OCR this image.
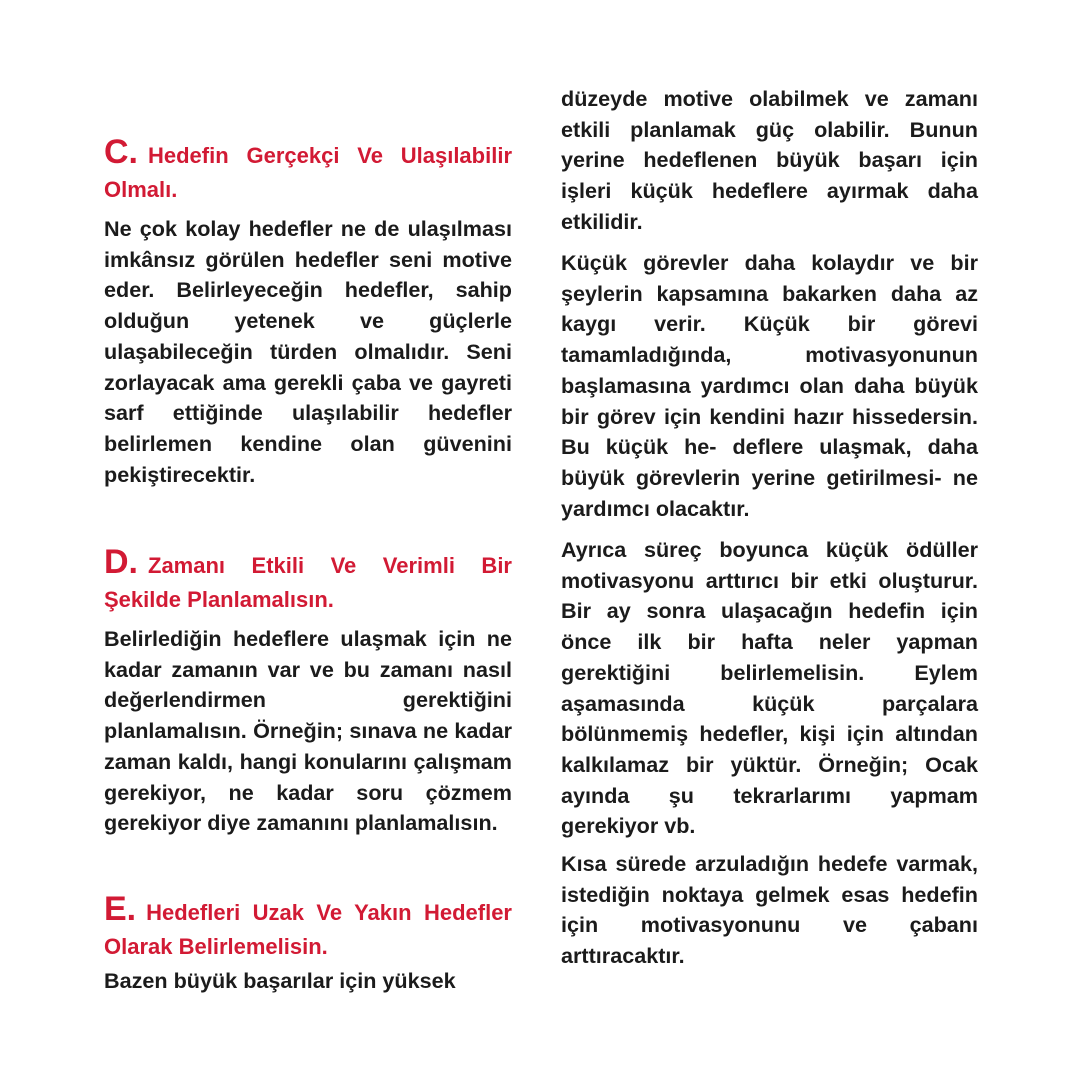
C. Hedefin Gerçekçi Ve Ulaşılabilir Olmalı.

Ne çok kolay hedefler ne de ulaşılması imkânsız görülen hedefler seni motive eder. Belirleyeceğin hedefler, sahip olduğun yetenek ve güçlerle ulaşabileceğin türden olmalıdır. Seni zorlayacak ama gerekli çaba ve gayreti sarf ettiğinde ulaşılabilir hedefler belirlemen kendine olan güvenini pekiştirecektir.

D. Zamanı Etkili Ve Verimli Bir Şekilde Planlamalısın.

Belirlediğin hedeflere ulaşmak için ne kadar zamanın var ve bu zamanı nasıl değerlendirmen gerektiğini planlamalısın. Örneğin; sınava ne kadar zaman kaldı, hangi konularını çalışmam gerekiyor, ne kadar soru çözmem gerekiyor diye zamanını planlamalısın.

E. Hedefleri Uzak Ve Yakın Hedefler Olarak Belirlemelisin.

Bazen büyük başarılar için yüksek

düzeyde motive olabilmek ve zamanı etkili planlamak güç olabilir. Bunun yerine hedeflenen büyük başarı için işleri küçük hedeflere ayırmak daha etkilidir.

Küçük görevler daha kolaydır ve bir şeylerin kapsamına bakarken daha az kaygı verir. Küçük bir görevi tamamladığında, motivasyonunun başlamasına yardımcı olan daha büyük bir görev için kendini hazır hissedersin. Bu küçük he- deflere ulaşmak, daha büyük görevlerin yerine getirilmesi- ne yardımcı olacaktır.

Ayrıca süreç boyunca küçük ödüller motivasyonu arttırıcı bir etki oluşturur. Bir ay sonra ulaşacağın hedefin için önce ilk bir hafta neler yapman gerektiğini belirlemelisin. Eylem aşamasında küçük parçalara bölünmemiş hedefler, kişi için altından kalkılamaz bir yüktür. Örneğin; Ocak ayında şu tekrarlarımı yapmam gerekiyor vb.

Kısa sürede arzuladığın hedefe varmak, istediğin noktaya gelmek esas hedefin için motivasyonunu ve çabanı arttıracaktır.
